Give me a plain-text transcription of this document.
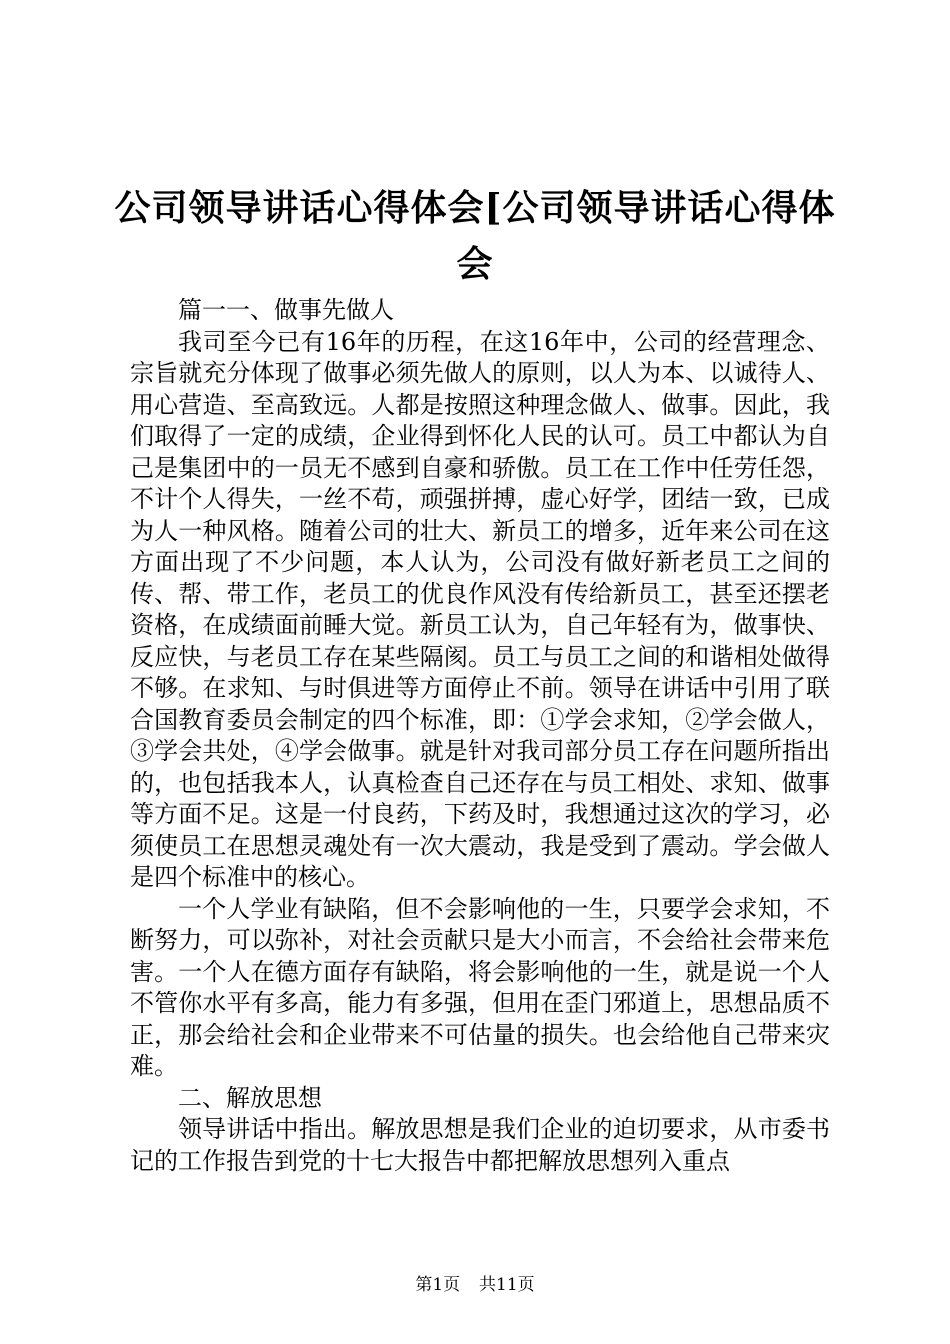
公司领导讲话心得体会[公司领导讲话心得体会

篇一一、做事先做人

我司至今已有16年的历程，在这16年中，公司的经营理念、宗旨就充分体现了做事必须先做人的原则，以人为本、以诚待人、用心营造、至高致远。人都是按照这种理念做人、做事。因此，我们取得了一定的成绩，企业得到怀化人民的认可。员工中都认为自己是集团中的一员无不感到自豪和骄傲。员工在工作中任劳任怨，不计个人得失，一丝不苟，顽强拼搏，虚心好学，团结一致，已成为人一种风格。随着公司的壮大、新员工的增多，近年来公司在这方面出现了不少问题，本人认为，公司没有做好新老员工之间的传、帮、带工作，老员工的优良作风没有传给新员工，甚至还摆老资格，在成绩面前睡大觉。新员工认为，自己年轻有为，做事快、反应快，与老员工存在某些隔阂。员工与员工之间的和谐相处做得不够。在求知、与时俱进等方面停止不前。领导在讲话中引用了联合国教育委员会制定的四个标准，即：①学会求知，②学会做人，③学会共处，④学会做事。就是针对我司部分员工存在问题所指出的，也包括我本人，认真检查自己还存在与员工相处、求知、做事等方面不足。这是一付良药，下药及时，我想通过这次的学习，必须使员工在思想灵魂处有一次大震动，我是受到了震动。学会做人是四个标准中的核心。

一个人学业有缺陷，但不会影响他的一生，只要学会求知，不断努力，可以弥补，对社会贡献只是大小而言，不会给社会带来危害。一个人在德方面存有缺陷，将会影响他的一生，就是说一个人不管你水平有多高，能力有多强，但用在歪门邪道上，思想品质不正，那会给社会和企业带来不可估量的损失。也会给他自己带来灾难。

二、解放思想

领导讲话中指出。解放思想是我们企业的迫切要求，从市委书记的工作报告到党的十七大报告中都把解放思想列入重点

第1页 共11页
